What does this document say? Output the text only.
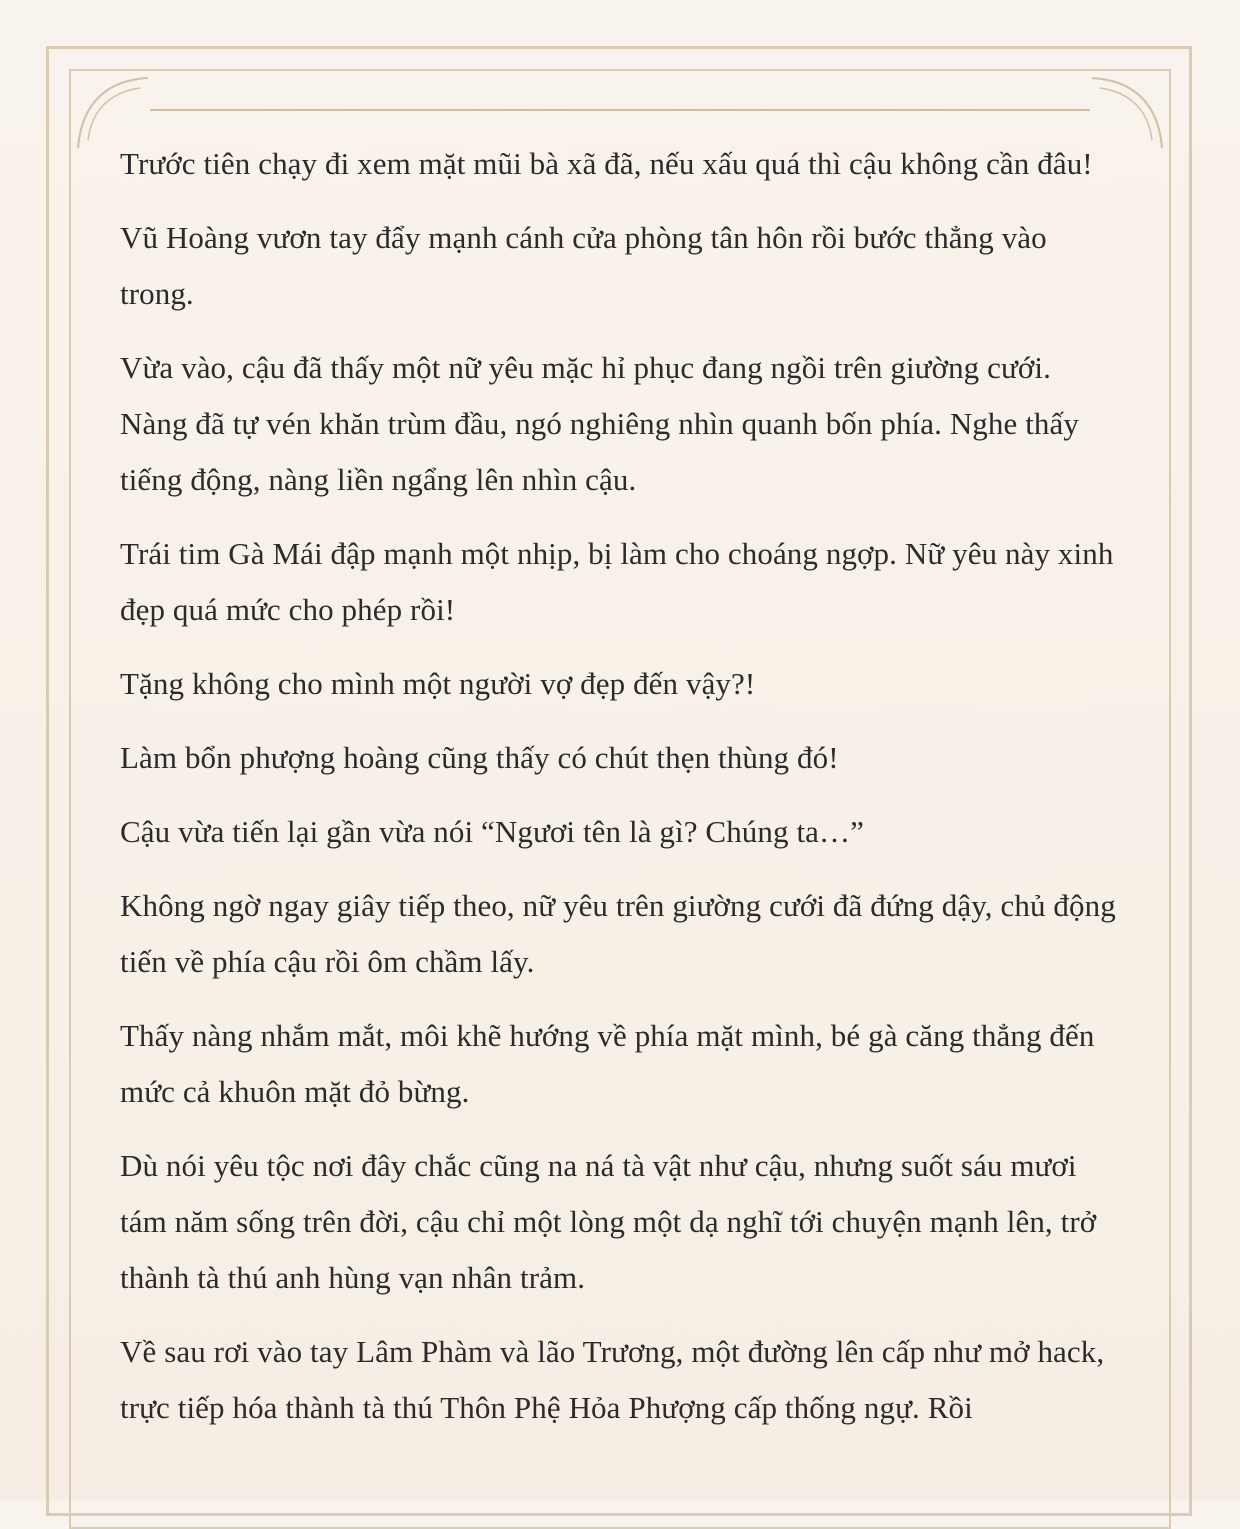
Trước tiên chạy đi xem mặt mũi bà xã đã, nếu xấu quá thì cậu không cần đâu!

Vũ Hoàng vươn tay đẩy mạnh cánh cửa phòng tân hôn rồi bước thẳng vào trong.

Vừa vào, cậu đã thấy một nữ yêu mặc hỉ phục đang ngồi trên giường cưới. Nàng đã tự vén khăn trùm đầu, ngó nghiêng nhìn quanh bốn phía. Nghe thấy tiếng động, nàng liền ngẩng lên nhìn cậu.

Trái tim Gà Mái đập mạnh một nhịp, bị làm cho choáng ngợp. Nữ yêu này xinh đẹp quá mức cho phép rồi!

Tặng không cho mình một người vợ đẹp đến vậy?!

Làm bổn phượng hoàng cũng thấy có chút thẹn thùng đó!

Cậu vừa tiến lại gần vừa nói “Ngươi tên là gì? Chúng ta…”

Không ngờ ngay giây tiếp theo, nữ yêu trên giường cưới đã đứng dậy, chủ động tiến về phía cậu rồi ôm chầm lấy.

Thấy nàng nhắm mắt, môi khẽ hướng về phía mặt mình, bé gà căng thẳng đến mức cả khuôn mặt đỏ bừng.

Dù nói yêu tộc nơi đây chắc cũng na ná tà vật như cậu, nhưng suốt sáu mươi tám năm sống trên đời, cậu chỉ một lòng một dạ nghĩ tới chuyện mạnh lên, trở thành tà thú anh hùng vạn nhân trảm.

Về sau rơi vào tay Lâm Phàm và lão Trương, một đường lên cấp như mở hack, trực tiếp hóa thành tà thú Thôn Phệ Hỏa Phượng cấp thống ngự. Rồi
